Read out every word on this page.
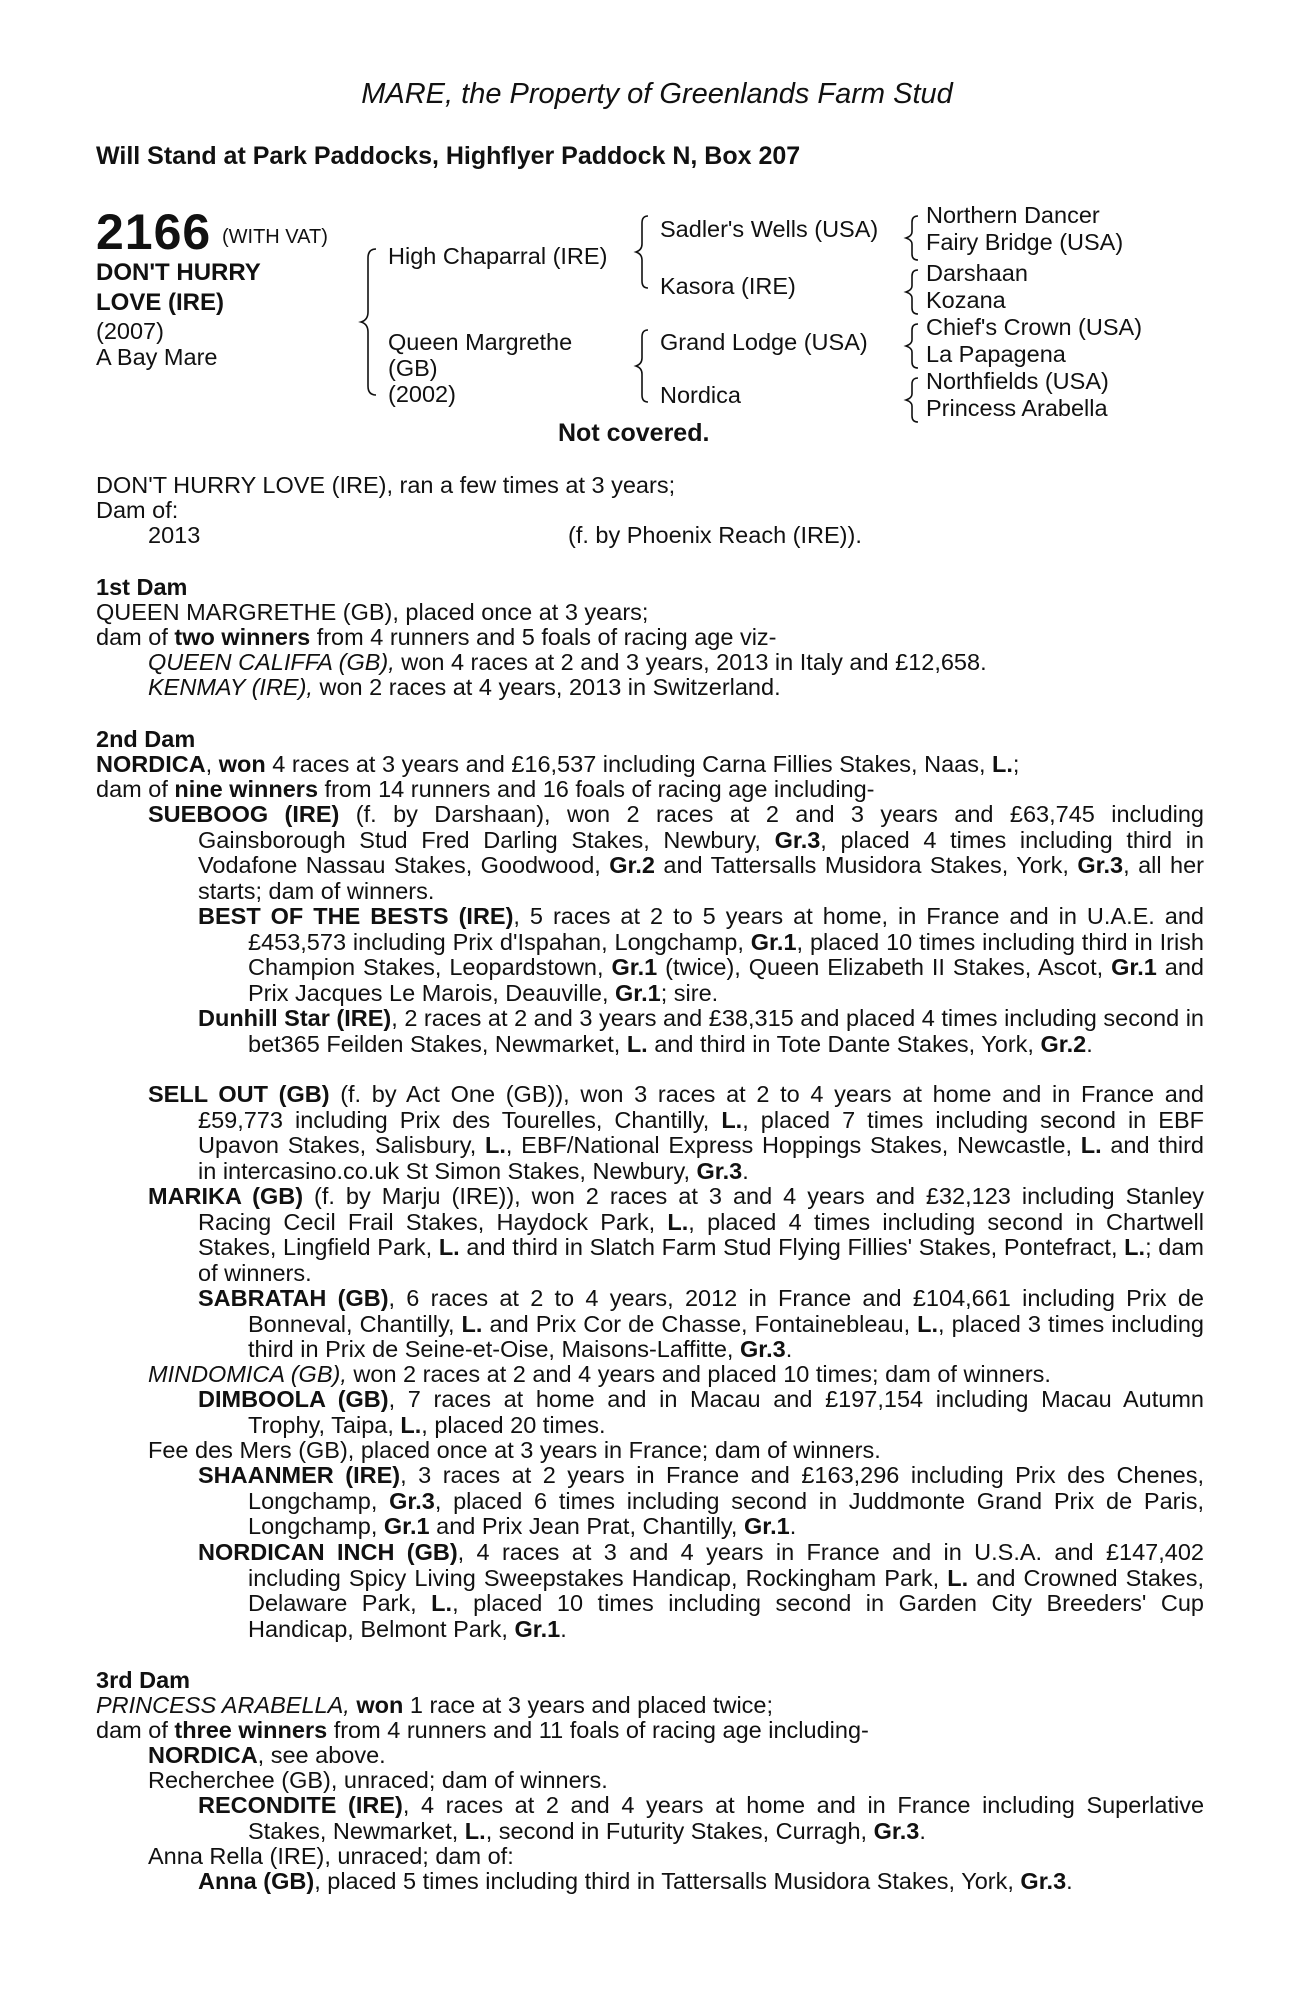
MARE, the Property of Greenlands Farm Stud
Will Stand at Park Paddocks, Highflyer Paddock N, Box 207
2166 (WITH VAT)
DON'T HURRY
LOVE (IRE)
(2007)
A Bay Mare
High Chaparral (IRE)
Queen Margrethe
(GB)
(2002)
Sadler's Wells (USA)
Kasora (IRE)
Grand Lodge (USA)
Nordica
Northern Dancer
Fairy Bridge (USA)
Darshaan
Kozana
Chief's Crown (USA)
La Papagena
Northfields (USA)
Princess Arabella
Not covered.
DON'T HURRY LOVE (IRE), ran a few times at 3 years;
Dam of:
2013	(f. by Phoenix Reach (IRE)).
1st Dam
QUEEN MARGRETHE (GB), placed once at 3 years;
dam of two winners from 4 runners and 5 foals of racing age viz-
QUEEN CALIFFA (GB), won 4 races at 2 and 3 years, 2013 in Italy and £12,658.
KENMAY (IRE), won 2 races at 4 years, 2013 in Switzerland.
2nd Dam
NORDICA, won 4 races at 3 years and £16,537 including Carna Fillies Stakes, Naas, L.;
dam of nine winners from 14 runners and 16 foals of racing age including-
SUEBOOG (IRE) (f. by Darshaan), won 2 races at 2 and 3 years and £63,745 including Gainsborough Stud Fred Darling Stakes, Newbury, Gr.3, placed 4 times including third in Vodafone Nassau Stakes, Goodwood, Gr.2 and Tattersalls Musidora Stakes, York, Gr.3, all her starts; dam of winners.
BEST OF THE BESTS (IRE), 5 races at 2 to 5 years at home, in France and in U.A.E. and £453,573 including Prix d'Ispahan, Longchamp, Gr.1, placed 10 times including third in Irish Champion Stakes, Leopardstown, Gr.1 (twice), Queen Elizabeth II Stakes, Ascot, Gr.1 and Prix Jacques Le Marois, Deauville, Gr.1; sire.
Dunhill Star (IRE), 2 races at 2 and 3 years and £38,315 and placed 4 times including second in bet365 Feilden Stakes, Newmarket, L. and third in Tote Dante Stakes, York, Gr.2.
SELL OUT (GB) (f. by Act One (GB)), won 3 races at 2 to 4 years at home and in France and £59,773 including Prix des Tourelles, Chantilly, L., placed 7 times including second in EBF Upavon Stakes, Salisbury, L., EBF/National Express Hoppings Stakes, Newcastle, L. and third in intercasino.co.uk St Simon Stakes, Newbury, Gr.3.
MARIKA (GB) (f. by Marju (IRE)), won 2 races at 3 and 4 years and £32,123 including Stanley Racing Cecil Frail Stakes, Haydock Park, L., placed 4 times including second in Chartwell Stakes, Lingfield Park, L. and third in Slatch Farm Stud Flying Fillies' Stakes, Pontefract, L.; dam of winners.
SABRATAH (GB), 6 races at 2 to 4 years, 2012 in France and £104,661 including Prix de Bonneval, Chantilly, L. and Prix Cor de Chasse, Fontainebleau, L., placed 3 times including third in Prix de Seine-et-Oise, Maisons-Laffitte, Gr.3.
MINDOMICA (GB), won 2 races at 2 and 4 years and placed 10 times; dam of winners.
DIMBOOLA (GB), 7 races at home and in Macau and £197,154 including Macau Autumn Trophy, Taipa, L., placed 20 times.
Fee des Mers (GB), placed once at 3 years in France; dam of winners.
SHAANMER (IRE), 3 races at 2 years in France and £163,296 including Prix des Chenes, Longchamp, Gr.3, placed 6 times including second in Juddmonte Grand Prix de Paris, Longchamp, Gr.1 and Prix Jean Prat, Chantilly, Gr.1.
NORDICAN INCH (GB), 4 races at 3 and 4 years in France and in U.S.A. and £147,402 including Spicy Living Sweepstakes Handicap, Rockingham Park, L. and Crowned Stakes, Delaware Park, L., placed 10 times including second in Garden City Breeders' Cup Handicap, Belmont Park, Gr.1.
3rd Dam
PRINCESS ARABELLA, won 1 race at 3 years and placed twice;
dam of three winners from 4 runners and 11 foals of racing age including-
NORDICA, see above.
Recherchee (GB), unraced; dam of winners.
RECONDITE (IRE), 4 races at 2 and 4 years at home and in France including Superlative Stakes, Newmarket, L., second in Futurity Stakes, Curragh, Gr.3.
Anna Rella (IRE), unraced; dam of:
Anna (GB), placed 5 times including third in Tattersalls Musidora Stakes, York, Gr.3.
